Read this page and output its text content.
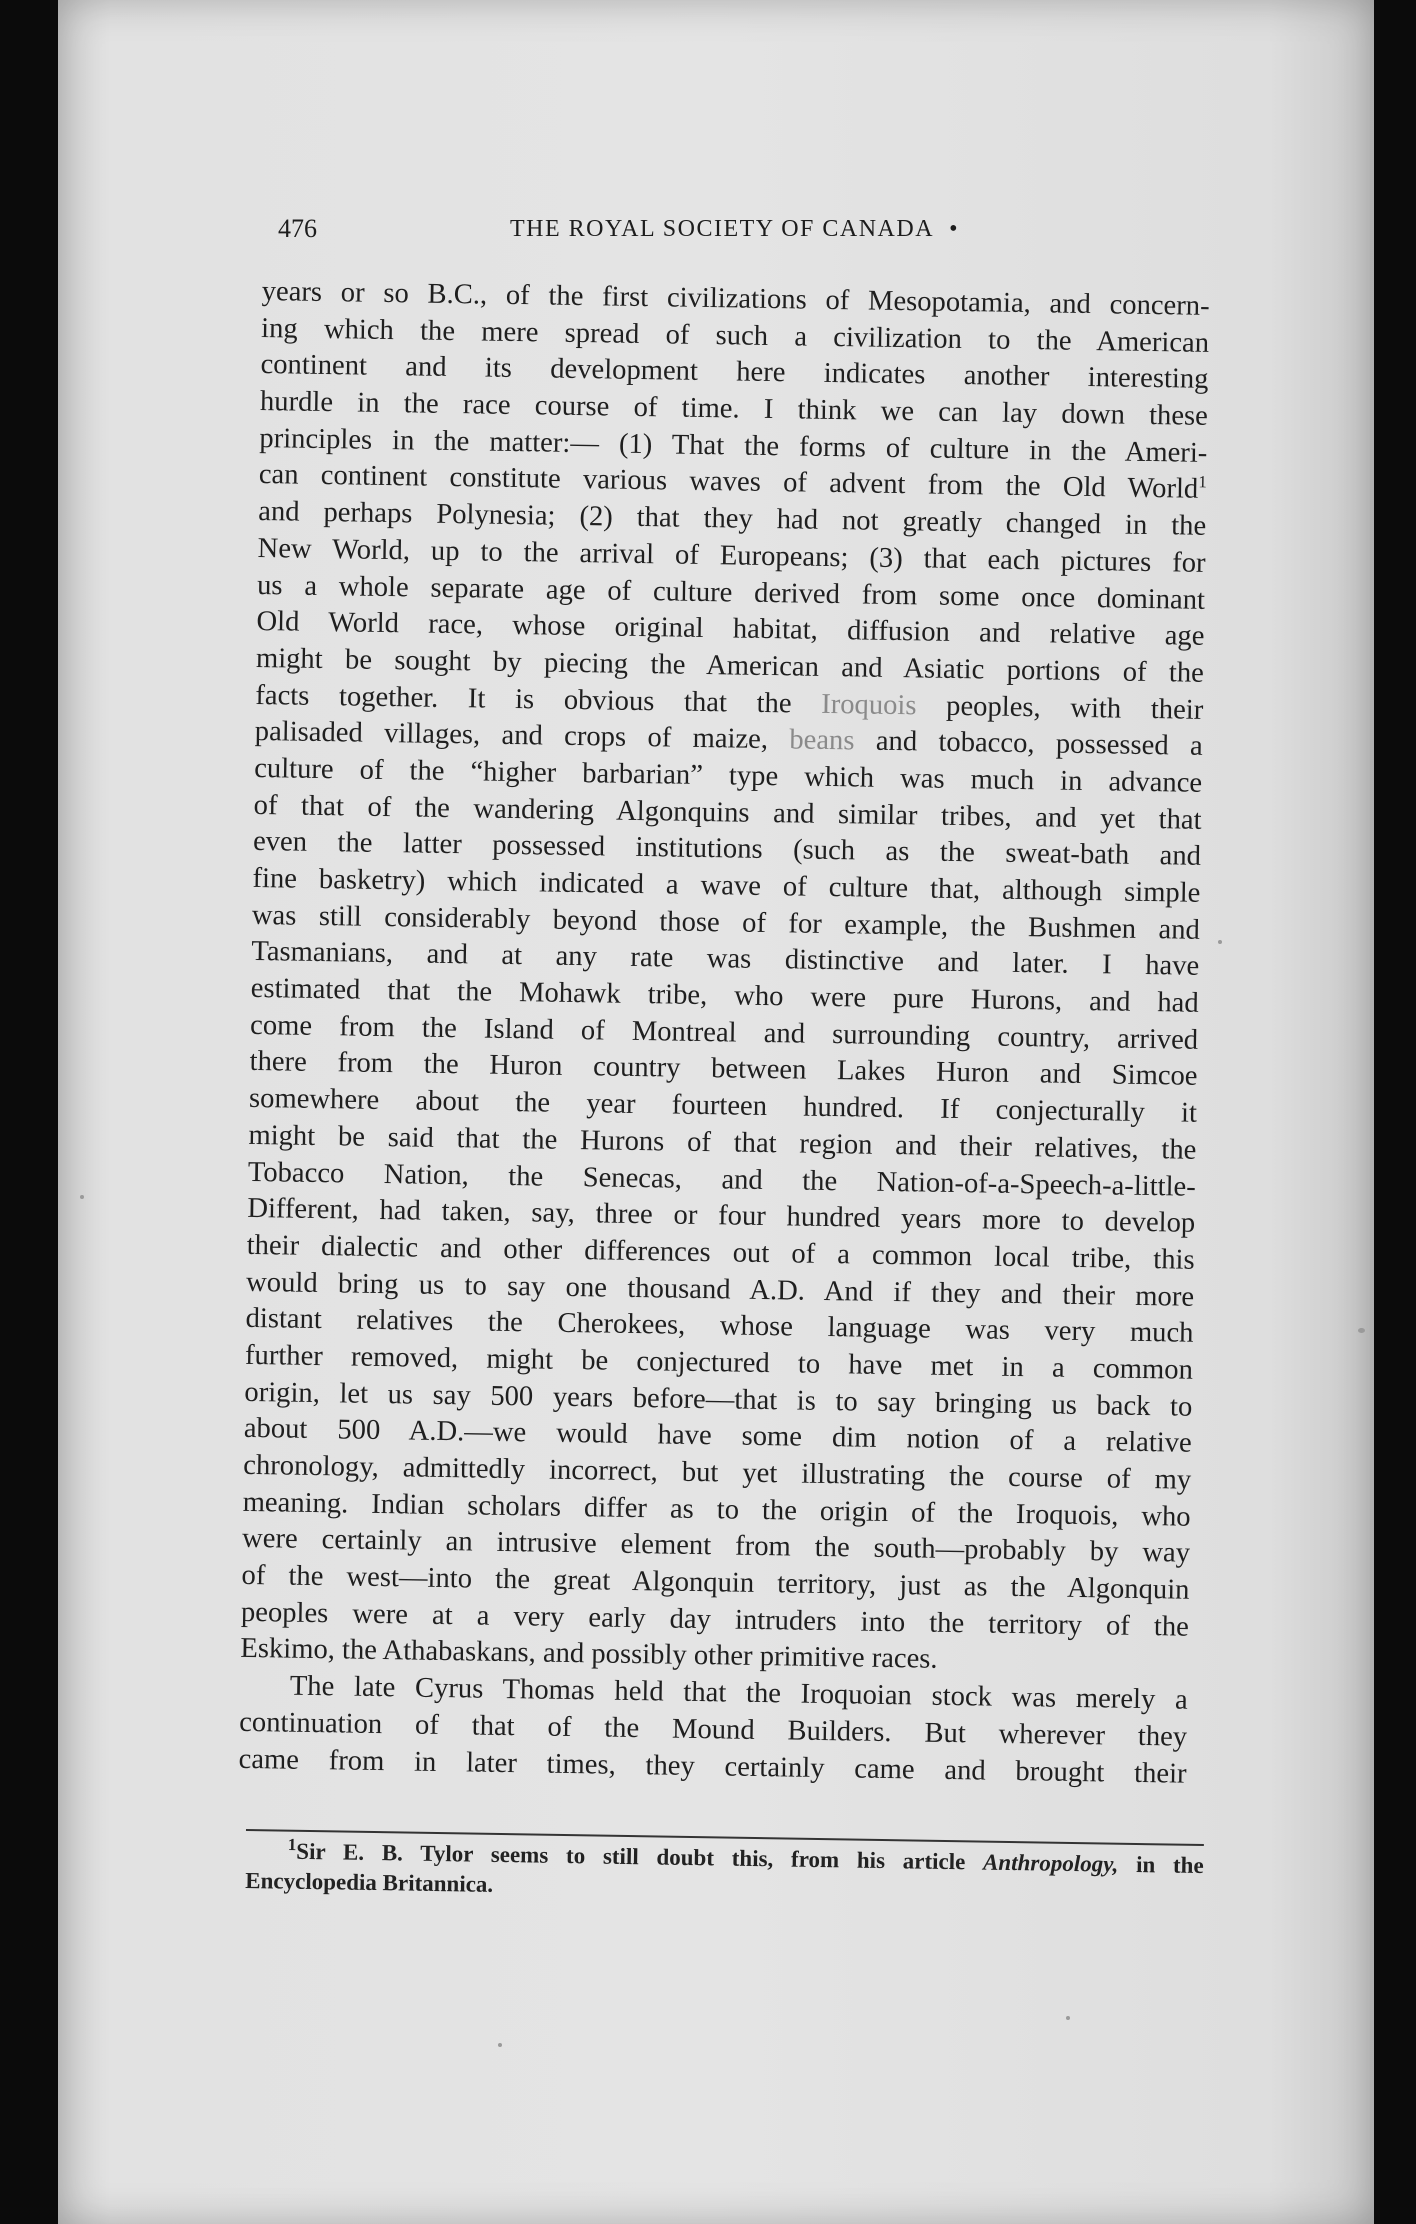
476	THE ROYAL SOCIETY OF CANADA •
years or so B.C., of the first civilizations of Mesopotamia, and concern-
ing which the mere spread of such a civilization to the American
continent and its development here indicates another interesting
hurdle in the race course of time. I think we can lay down these
principles in the matter:— (1) That the forms of culture in the Ameri-
can continent constitute various waves of advent from the Old World$^1$
and perhaps Polynesia; (2) that they had not greatly changed in the
New World, up to the arrival of Europeans; (3) that each pictures for
us a whole separate age of culture derived from some once dominant
Old World race, whose original habitat, diffusion and relative age
might be sought by piecing the American and Asiatic portions of the
facts together. It is obvious that the Iroquois peoples, with their
palisaded villages, and crops of maize, beans and tobacco, possessed a
culture of the “higher barbarian” type which was much in advance
of that of the wandering Algonquins and similar tribes, and yet that
even the latter possessed institutions (such as the sweat-bath and
fine basketry) which indicated a wave of culture that, although simple
was still considerably beyond those of for example, the Bushmen and
Tasmanians, and at any rate was distinctive and later. I have
estimated that the Mohawk tribe, who were pure Hurons, and had
come from the Island of Montreal and surrounding country, arrived
there from the Huron country between Lakes Huron and Simcoe
somewhere about the year fourteen hundred. If conjecturally it
might be said that the Hurons of that region and their relatives, the
Tobacco Nation, the Senecas, and the Nation-of-a-Speech-a-little-
Different, had taken, say, three or four hundred years more to develop
their dialectic and other differences out of a common local tribe, this
would bring us to say one thousand A.D. And if they and their more
distant relatives the Cherokees, whose language was very much
further removed, might be conjectured to have met in a common
origin, let us say 500 years before—that is to say bringing us back to
about 500 A.D.—we would have some dim notion of a relative
chronology, admittedly incorrect, but yet illustrating the course of my
meaning. Indian scholars differ as to the origin of the Iroquois, who
were certainly an intrusive element from the south—probably by way
of the west—into the great Algonquin territory, just as the Algonquin
peoples were at a very early day intruders into the territory of the
Eskimo, the Athabaskans, and possibly other primitive races.
The late Cyrus Thomas held that the Iroquoian stock was merely a
continuation of that of the Mound Builders. But wherever they
came from in later times, they certainly came and brought their
$^1$Sir E. B. Tylor seems to still doubt this, from his article Anthropology, in the
Encyclopedia Britannica.
